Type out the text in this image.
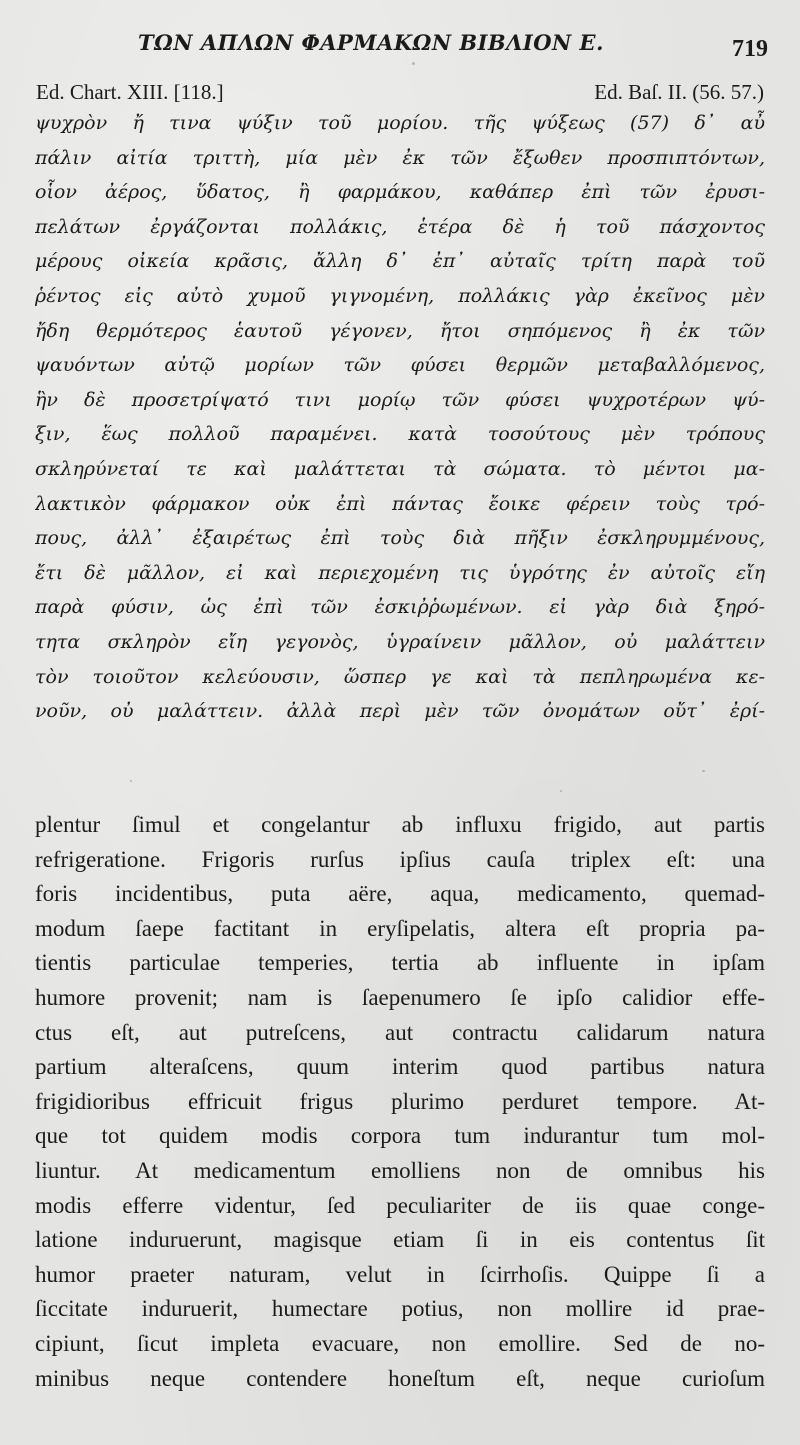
ΤΩΝ ΑΠΛΩΝ ΦΑΡΜΑΚΩΝ ΒΙΒΛΙΟΝ Ε.	719
Ed. Chart. XIII. [118.]	Ed. Baſ. II. (56. 57.)
ψυχρὸν ἤ τινα ψύξιν τοῦ μορίου. τῆς ψύξεως (57) δ᾽ αὖ
πάλιν αἰτία τριττὴ, μία μὲν ἐκ τῶν ἔξωθεν προσπιπτόντων,
οἷον ἀέρος, ὕδατος, ἢ φαρμάκου, καθάπερ ἐπὶ τῶν ἐρυσι-
πελάτων ἐργάζονται πολλάκις, ἑτέρα δὲ ἡ τοῦ πάσχοντος
μέρους οἰκεία κρᾶσις, ἄλλη δ᾽ ἐπ᾽ αὐταῖς τρίτη παρὰ τοῦ
ῥέντος εἰς αὐτὸ χυμοῦ γιγνομένη, πολλάκις γὰρ ἐκεῖνος μὲν
ἤδη θερμότερος ἑαυτοῦ γέγονεν, ἤτοι σηπόμενος ἢ ἐκ τῶν
ψαυόντων αὐτῷ μορίων τῶν φύσει θερμῶν μεταβαλλόμενος,
ἣν δὲ προσετρίψατό τινι μορίῳ τῶν φύσει ψυχροτέρων ψύ-
ξιν, ἕως πολλοῦ παραμένει. κατὰ τοσούτους μὲν τρόπους
σκληρύνεταί τε καὶ μαλάττεται τὰ σώματα. τὸ μέντοι μα-
λακτικὸν φάρμακον οὐκ ἐπὶ πάντας ἔοικε φέρειν τοὺς τρό-
πους, ἀλλ᾽ ἐξαιρέτως ἐπὶ τοὺς διὰ πῆξιν ἐσκληρυμμένους,
ἔτι δὲ μᾶλλον, εἰ καὶ περιεχομένη τις ὑγρότης ἐν αὐτοῖς εἴη
παρὰ φύσιν, ὡς ἐπὶ τῶν ἐσκιῤῥωμένων. εἰ γὰρ διὰ ξηρό-
τητα σκληρὸν εἴη γεγονὸς, ὑγραίνειν μᾶλλον, οὐ μαλάττειν
τὸν τοιοῦτον κελεύουσιν, ὥσπερ γε καὶ τὰ πεπληρωμένα κε-
νοῦν, οὐ μαλάττειν. ἀλλὰ περὶ μὲν τῶν ὀνομάτων οὔτ᾽ ἐρί-
plentur ſimul et congelantur ab influxu frigido, aut partis
refrigeratione. Frigoris rurſus ipſius cauſa triplex eſt: una
foris incidentibus, puta aëre, aqua, medicamento, quemad-
modum ſaepe factitant in eryſipelatis, altera eſt propria pa-
tientis particulae temperies, tertia ab influente in ipſam
humore provenit; nam is ſaepenumero ſe ipſo calidior effe-
ctus eſt, aut putreſcens, aut contractu calidarum natura
partium alteraſcens, quum interim quod partibus natura
frigidioribus effricuit frigus plurimo perduret tempore. At-
que tot quidem modis corpora tum indurantur tum mol-
liuntur. At medicamentum emolliens non de omnibus his
modis efferre videntur, ſed peculiariter de iis quae conge-
latione induruerunt, magisque etiam ſi in eis contentus ſit
humor praeter naturam, velut in ſcirrhoſis. Quippe ſi a
ſiccitate induruerit, humectare potius, non mollire id prae-
cipiunt, ſicut impleta evacuare, non emollire. Sed de no-
minibus neque contendere honeſtum eſt, neque curioſum
